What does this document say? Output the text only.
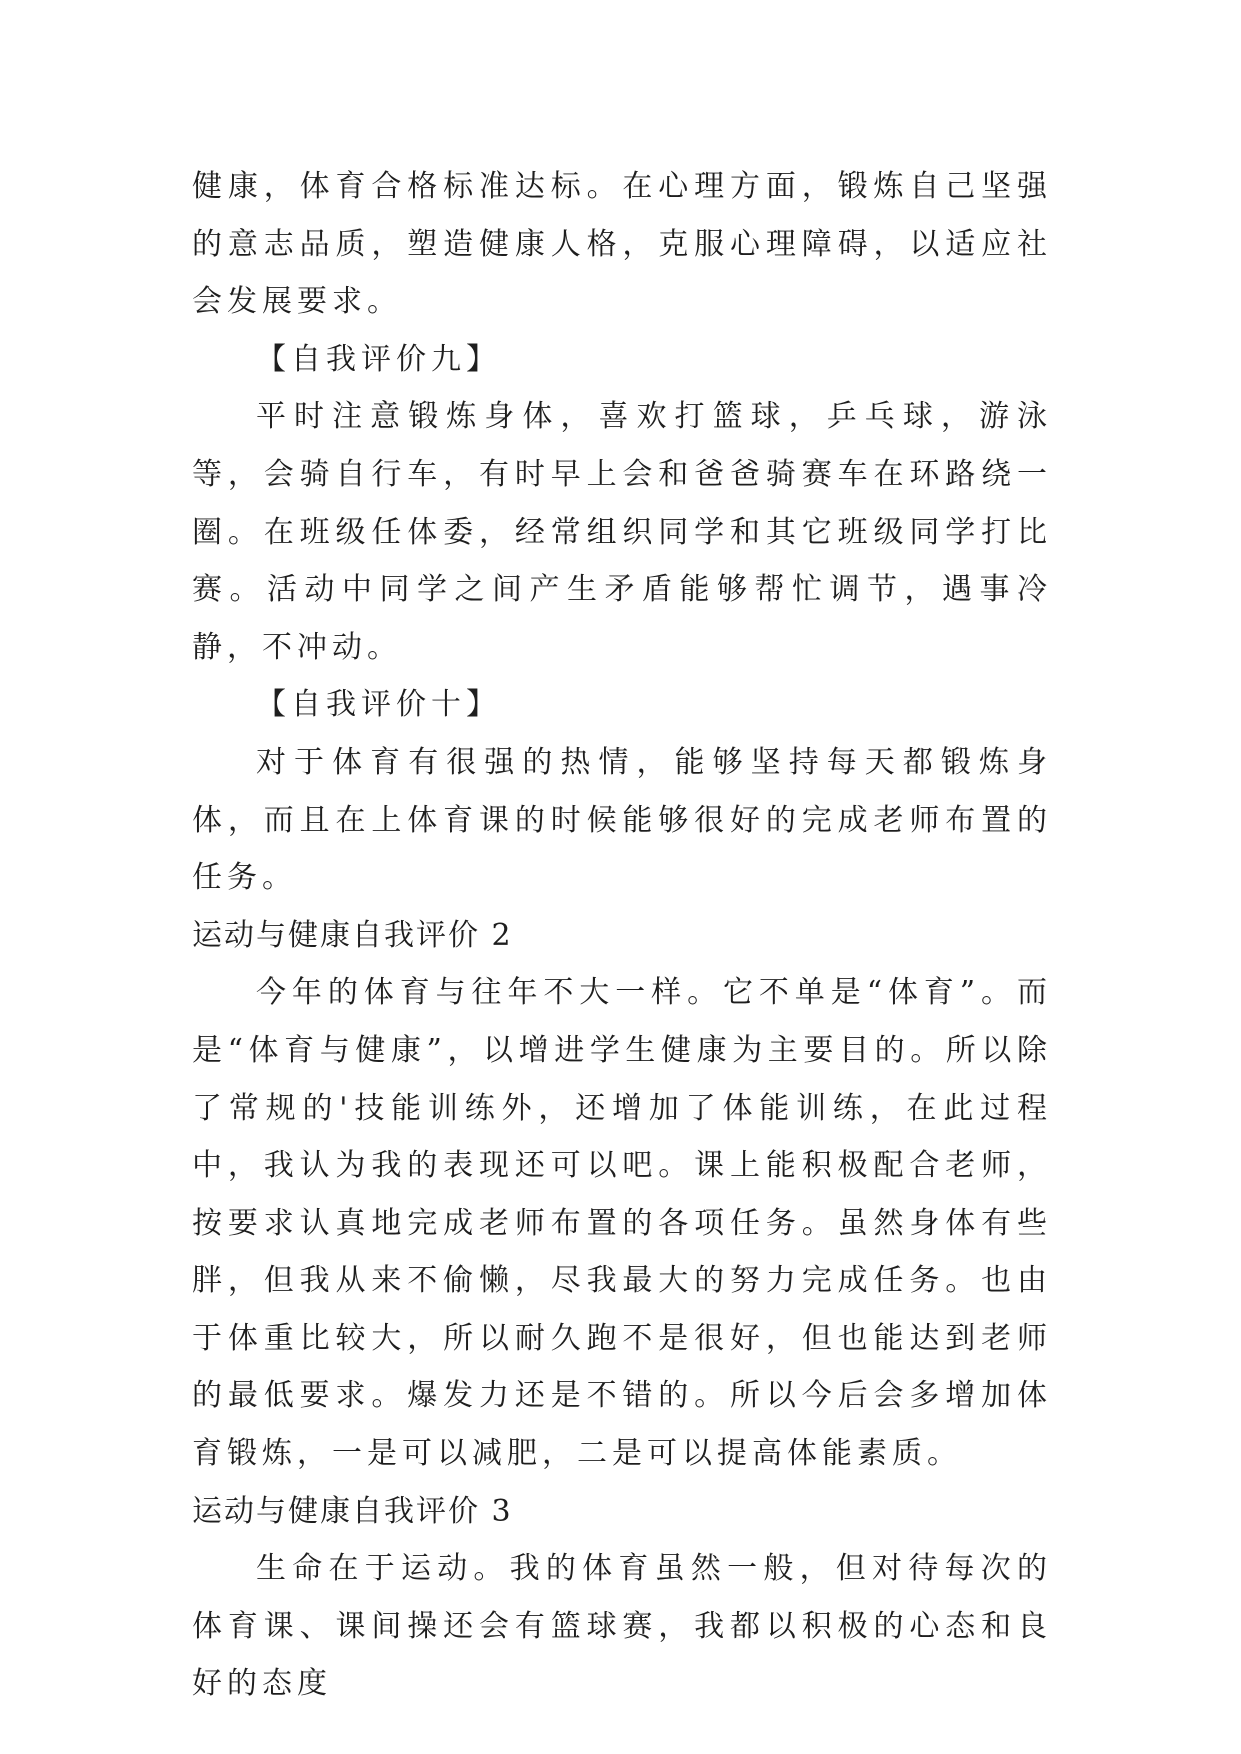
健康，体育合格标准达标。在心理方面，锻炼自己坚强的意志品质，塑造健康人格，克服心理障碍，以适应社会发展要求。

【自我评价九】

平时注意锻炼身体，喜欢打篮球，乒乓球，游泳等，会骑自行车，有时早上会和爸爸骑赛车在环路绕一圈。在班级任体委，经常组织同学和其它班级同学打比赛。活动中同学之间产生矛盾能够帮忙调节，遇事冷静，不冲动。

【自我评价十】

对于体育有很强的热情，能够坚持每天都锻炼身体，而且在上体育课的时候能够很好的完成老师布置的任务。

运动与健康自我评价 2

今年的体育与往年不大一样。它不单是“体育”。而是“体育与健康”，以增进学生健康为主要目的。所以除了常规的'技能训练外，还增加了体能训练，在此过程中，我认为我的表现还可以吧。课上能积极配合老师，按要求认真地完成老师布置的各项任务。虽然身体有些胖，但我从来不偷懒，尽我最大的努力完成任务。也由于体重比较大，所以耐久跑不是很好，但也能达到老师的最低要求。爆发力还是不错的。所以今后会多增加体育锻炼，一是可以减肥，二是可以提高体能素质。

运动与健康自我评价 3

生命在于运动。我的体育虽然一般，但对待每次的体育课、课间操还会有篮球赛，我都以积极的心态和良好的态度
